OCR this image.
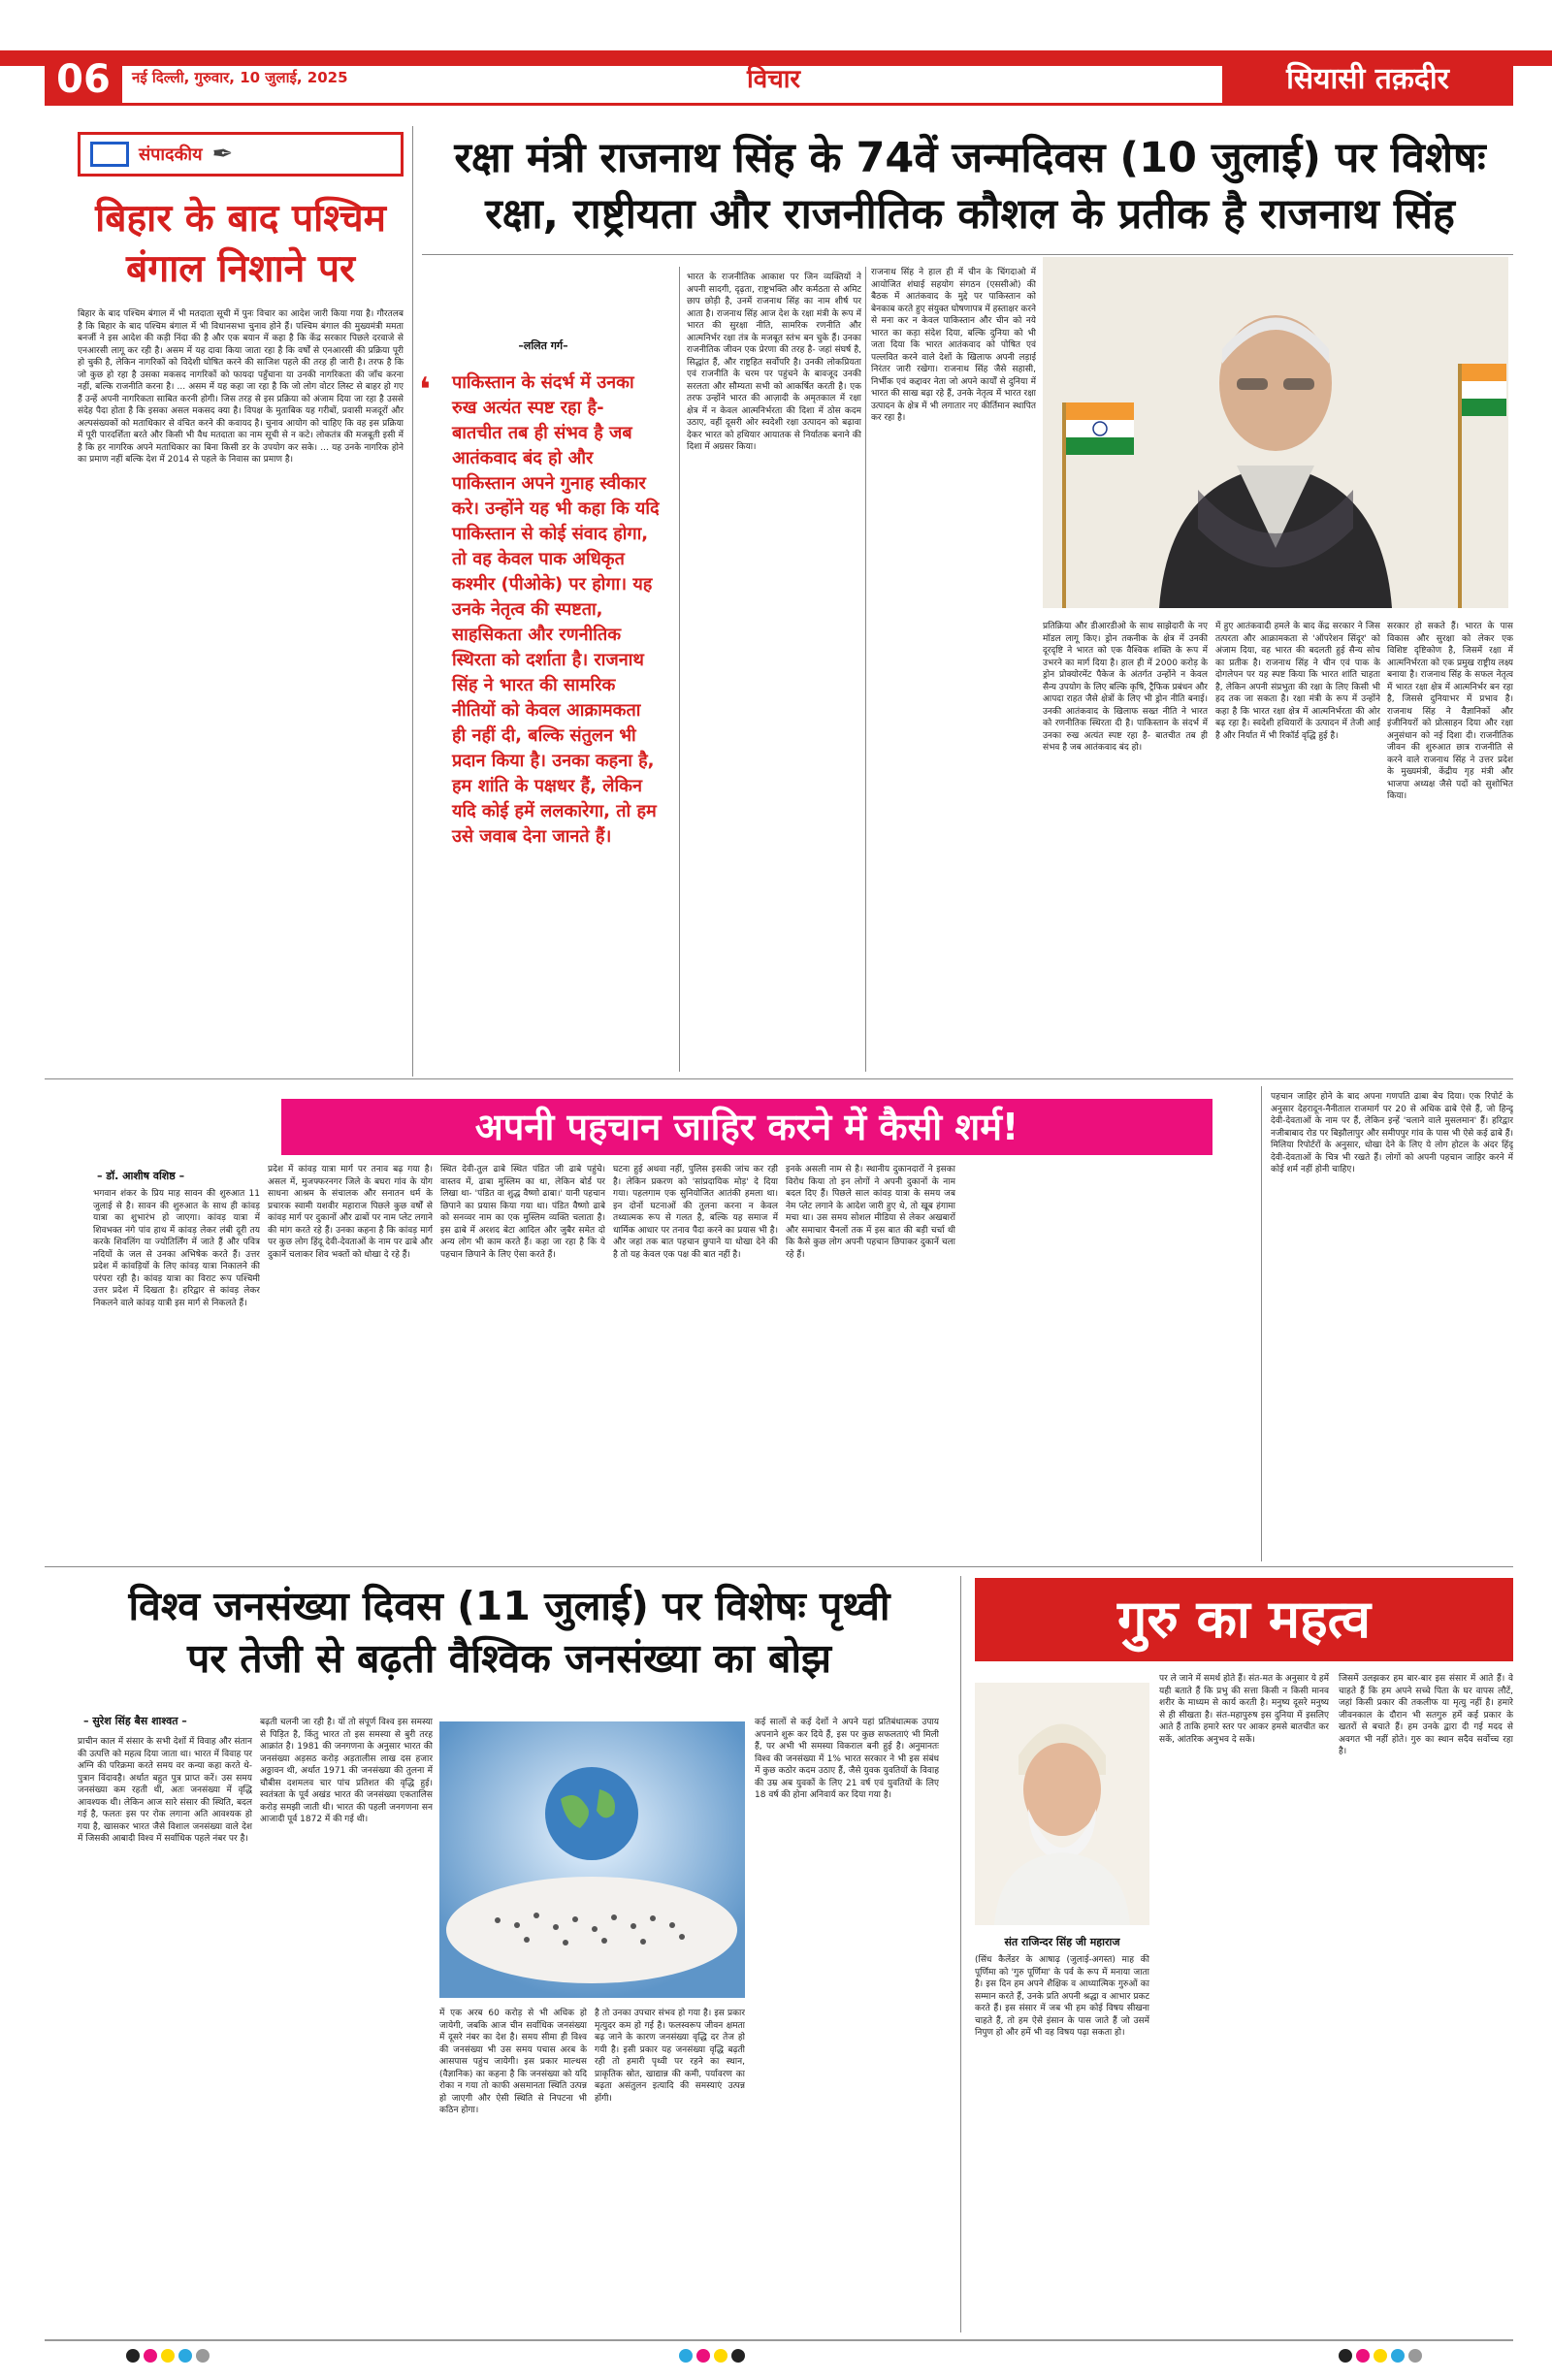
06	नई दिल्ली, गुरुवार, 10 जुलाई, 2025	विचार	सियासी तक़दीर
संपादकीय ✒
बिहार के बाद पश्चिम बंगाल निशाने पर
बिहार के बाद पश्चिम बंगाल में भी मतदाता सूची में पुनः विचार का आदेश जारी किया गया है। गौरतलब है कि बिहार के बाद पश्चिम बंगाल में भी विधानसभा चुनाव होने हैं। पश्चिम बंगाल की मुख्यमंत्री ममता बनर्जी ने इस आदेश की कड़ी निंदा की है और एक बयान में कहा है कि केंद्र सरकार पिछले दरवाजे से एनआरसी लागू कर रही है। असम में यह दावा किया जाता रहा है कि वर्षों से एनआरसी की प्रक्रिया पूरी हो चुकी है, लेकिन नागरिकों को विदेशी घोषित करने की साजिश पहले की तरह ही जारी है। तरफ है कि जो कुछ हो रहा है उसका मकसद नागरिकों को फायदा पहुँचाना या उनकी नागरिकता की जाँच करना नहीं, बल्कि राजनीति करना है। ... असम में यह कहा जा रहा है कि जो लोग वोटर लिस्ट से बाहर हो गए हैं उन्हें अपनी नागरिकता साबित करनी होगी। जिस तरह से इस प्रक्रिया को अंजाम दिया जा रहा है उससे संदेह पैदा होता है कि इसका असल मकसद क्या है। विपक्ष के मुताबिक यह गरीबों, प्रवासी मजदूरों और अल्पसंख्यकों को मताधिकार से वंचित करने की कवायद है। चुनाव आयोग को चाहिए कि वह इस प्रक्रिया में पूरी पारदर्शिता बरते और किसी भी वैध मतदाता का नाम सूची से न कटे। लोकतंत्र की मजबूती इसी में है कि हर नागरिक अपने मताधिकार का बिना किसी डर के उपयोग कर सके। ... यह उनके नागरिक होने का प्रमाण नहीं बल्कि देश में 2014 से पहले के निवास का प्रमाण है।
रक्षा मंत्री राजनाथ सिंह के 74वें जन्मदिवस (10 जुलाई) पर विशेषः
रक्षा, राष्ट्रीयता और राजनीतिक कौशल के प्रतीक है राजनाथ सिंह
–ललित गर्ग–
❛	पाकिस्तान के संदर्भ में उनका रुख अत्यंत स्पष्ट रहा है- बातचीत तब ही संभव है जब आतंकवाद बंद हो और पाकिस्तान अपने गुनाह स्वीकार करे। उन्होंने यह भी कहा कि यदि पाकिस्तान से कोई संवाद होगा, तो वह केवल पाक अधिकृत कश्मीर (पीओके) पर होगा। यह उनके नेतृत्व की स्पष्टता, साहसिकता और रणनीतिक स्थिरता को दर्शाता है। राजनाथ सिंह ने भारत की सामरिक नीतियों को केवल आक्रामकता ही नहीं दी, बल्कि संतुलन भी प्रदान किया है। उनका कहना है, हम शांति के पक्षधर हैं, लेकिन यदि कोई हमें ललकारेगा, तो हम उसे जवाब देना जानते हैं।
भारत के राजनीतिक आकाश पर जिन व्यक्तियों ने अपनी सादगी, दृढ़ता, राष्ट्रभक्ति और कर्मठता से अमिट छाप छोड़ी है, उनमें राजनाथ सिंह का नाम शीर्ष पर आता है। राजनाथ सिंह आज देश के रक्षा मंत्री के रूप में भारत की सुरक्षा नीति, सामरिक रणनीति और आत्मनिर्भर रक्षा तंत्र के मजबूत स्तंभ बन चुके हैं। उनका राजनीतिक जीवन एक प्रेरणा की तरह है- जहां संघर्ष है, सिद्धांत हैं, और राष्ट्रहित सर्वोपरि है। उनकी लोकप्रियता एवं राजनीति के चरम पर पहुंचने के बावजूद उनकी सरलता और सौम्यता सभी को आकर्षित करती है। एक तरफ उन्होंने भारत की आज़ादी के अमृतकाल में रक्षा क्षेत्र में न केवल आत्मनिर्भरता की दिशा में ठोस कदम उठाए, वहीं दूसरी ओर स्वदेशी रक्षा उत्पादन को बढ़ावा देकर भारत को हथियार आयातक से निर्यातक बनाने की दिशा में अग्रसर किया।
राजनाथ सिंह ने हाल ही में चीन के चिंगदाओ में आयोजित शंघाई सहयोग संगठन (एससीओ) की बैठक में आतंकवाद के मुद्दे पर पाकिस्तान को बेनकाब करते हुए संयुक्त घोषणापत्र में हस्ताक्षर करने से मना कर न केवल पाकिस्तान और चीन को नये भारत का कड़ा संदेश दिया, बल्कि दुनिया को भी जता दिया कि भारत आतंकवाद को पोषित एवं पल्लवित करने वाले देशों के खिलाफ अपनी लड़ाई निरंतर जारी रखेगा। राजनाथ सिंह जैसे सहासी, निर्भीक एवं कद्दावर नेता जो अपने कार्यों से दुनिया में भारत की साख बढ़ा रहे हैं, उनके नेतृत्व में भारत रक्षा उत्पादन के क्षेत्र में भी लगातार नए कीर्तिमान स्थापित कर रहा है।
प्रतिक्रिया और डीआरडीओ के साथ साझेदारी के नए मॉडल लागू किए। ड्रोन तकनीक के क्षेत्र में उनकी दूरदृष्टि ने भारत को एक वैश्विक शक्ति के रूप में उभरने का मार्ग दिया है। हाल ही में 2000 करोड़ के ड्रोन प्रोक्योरमेंट पैकेज के अंतर्गत उन्होंने न केवल सैन्य उपयोग के लिए बल्कि कृषि, ट्रैफिक प्रबंधन और आपदा राहत जैसे क्षेत्रों के लिए भी ड्रोन नीति बनाई। उनकी आतंकवाद के खिलाफ सख्त नीति ने भारत को रणनीतिक स्थिरता दी है। पाकिस्तान के संदर्भ में उनका रुख अत्यंत स्पष्ट रहा है- बातचीत तब ही संभव है जब आतंकवाद बंद हो।
में हुए आतंकवादी हमले के बाद केंद्र सरकार ने जिस तत्परता और आक्रामकता से 'ऑपरेशन सिंदूर' को अंजाम दिया, वह भारत की बदलती हुई सैन्य सोच का प्रतीक है। राजनाथ सिंह ने चीन एवं पाक के दोगलेपन पर यह स्पष्ट किया कि भारत शांति चाहता है, लेकिन अपनी संप्रभुता की रक्षा के लिए किसी भी हद तक जा सकता है। रक्षा मंत्री के रूप में उन्होंने कहा है कि भारत रक्षा क्षेत्र में आत्मनिर्भरता की ओर बढ़ रहा है। स्वदेशी हथियारों के उत्पादन में तेजी आई है और निर्यात में भी रिकॉर्ड वृद्धि हुई है।
सरकार हो सकते हैं। भारत के पास विकास और सुरक्षा को लेकर एक विशिष्ट दृष्टिकोण है, जिसमें रक्षा में आत्मनिर्भरता को एक प्रमुख राष्ट्रीय लक्ष्य बनाया है। राजनाथ सिंह के सफल नेतृत्व में भारत रक्षा क्षेत्र में आत्मनिर्भर बन रहा है, जिससे दुनियाभर में प्रभाव है। राजनाथ सिंह ने वैज्ञानिकों और इंजीनियरों को प्रोत्साहन दिया और रक्षा अनुसंधान को नई दिशा दी। राजनीतिक जीवन की शुरुआत छात्र राजनीति से करने वाले राजनाथ सिंह ने उत्तर प्रदेश के मुख्यमंत्री, केंद्रीय गृह मंत्री और भाजपा अध्यक्ष जैसे पदों को सुशोभित किया।
अपनी पहचान जाहिर करने में कैसी शर्म!
– डॉ. आशीष वशिष्ठ –
भगवान शंकर के प्रिय माह सावन की शुरुआत 11 जुलाई से है। सावन की शुरुआत के साथ ही कांवड़ यात्रा का शुभारंभ हो जाएगा। कांवड़ यात्रा में शिवभक्त नंगे पांव हाथ में कांवड़ लेकर लंबी दूरी तय करके शिवलिंग या ज्योतिर्लिंग में जाते हैं और पवित्र नदियों के जल से उनका अभिषेक करते हैं। उत्तर प्रदेश में कांवड़ियों के लिए कांवड़ यात्रा निकालने की परंपरा रही है। कांवड़ यात्रा का विराट रूप पश्चिमी उत्तर प्रदेश में दिखता है। हरिद्वार से कांवड़ लेकर निकलने वाले कांवड़ यात्री इस मार्ग से निकलते हैं।
प्रदेश में कांवड़ यात्रा मार्ग पर तनाव बढ़ गया है। असल में, मुजफ्फरनगर जिले के बघरा गांव के योग साधना आश्रम के संचालक और सनातन धर्म के प्रचारक स्वामी यशवीर महाराज पिछले कुछ वर्षों से कांवड़ मार्ग पर दुकानों और ढाबों पर नाम प्लेट लगाने की मांग करते रहे हैं। उनका कहना है कि कांवड़ मार्ग पर कुछ लोग हिंदू देवी-देवताओं के नाम पर ढाबे और दुकानें चलाकर शिव भक्तों को धोखा दे रहे हैं।
स्थित देवी-तुल ढाबे स्थित पंडित जी ढाबे पहुंचे। वास्तव में, ढाबा मुस्लिम का था, लेकिन बोर्ड पर लिखा था- 'पंडित वा शुद्ध वैष्णो ढाबा।' यानी पहचान छिपाने का प्रयास किया गया था। पंडित वैष्णो ढाबे को सनव्वर नाम का एक मुस्लिम व्यक्ति चलाता है। इस ढाबे में अरशद बेटा आदिल और जुबैर समेत दो अन्य लोग भी काम करते हैं। कहा जा रहा है कि ये पहचान छिपाने के लिए ऐसा करते हैं।
घटना हुई अथवा नहीं, पुलिस इसकी जांच कर रही है। लेकिन प्रकरण को 'सांप्रदायिक मोड़' दे दिया गया। पहलगाम एक सुनियोजित आतंकी हमला था। इन दोनों घटनाओं की तुलना करना न केवल तथ्यात्मक रूप से गलत है, बल्कि यह समाज में धार्मिक आधार पर तनाव पैदा करने का प्रयास भी है। और जहां तक बात पहचान छुपाने या धोखा देने की है तो यह केवल एक पक्ष की बात नहीं है।
इनके असली नाम से है। स्थानीय दुकानदारों ने इसका विरोध किया तो इन लोगों ने अपनी दुकानों के नाम बदल दिए हैं। पिछले साल कांवड़ यात्रा के समय जब नेम प्लेट लगाने के आदेश जारी हुए थे, तो खूब हंगामा मचा था। उस समय सोशल मीडिया से लेकर अखबारों और समाचार चैनलों तक में इस बात की बड़ी चर्चा थी कि कैसे कुछ लोग अपनी पहचान छिपाकर दुकानें चला रहे हैं।
पहचान जाहिर होने के बाद अपना गणपति ढाबा बेच दिया। एक रिपोर्ट के अनुसार देहरादून-नैनीताल राजमार्ग पर 20 से अधिक ढाबे ऐसे हैं, जो हिन्दू देवी-देवताओं के नाम पर हैं, लेकिन इन्हें 'चलाने वाले मुसलमान' हैं। हरिद्वार नजीबाबाद रोड पर बिझौलापुर और समीपपुर गांव के पास भी ऐसे कई ढाबे हैं। मिलिया रिपोर्टरों के अनुसार, धोखा देने के लिए ये लोग होटल के अंदर हिंदू देवी-देवताओं के चित्र भी रखते हैं। लोगों को अपनी पहचान जाहिर करने में कोई शर्म नहीं होनी चाहिए।
विश्व जनसंख्या दिवस (11 जुलाई) पर विशेषः पृथ्वी
पर तेजी से बढ़ती वैश्विक जनसंख्या का बोझ
– सुरेश सिंह बैस शाश्वत –
प्राचीन काल में संसार के सभी देशों में विवाह और संतान की उत्पत्ति को महत्व दिया जाता था। भारत में विवाह पर अग्नि की परिक्रमा करते समय वर कन्या कहा करते थे- पुत्रान विंदावहै। अर्थात बहुत पुत्र प्राप्त करें। उस समय जनसंख्या कम रहती थी, अतः जनसंख्या में वृद्धि आवश्यक थी। लेकिन आज सारे संसार की स्थिति, बदल गई है, फलतः इस पर रोक लगाना अति आवश्यक हो गया है, खासकर भारत जैसे विशाल जनसंख्या वाले देश में जिसकी आबादी विश्व में सर्वाधिक पहले नंबर पर है।
बढ़ती चलनी जा रही है। यों तो संपूर्ण विश्व इस समस्या से पिड़ित है, किंतु भारत तो इस समस्या से बुरी तरह आक्रांत है। 1981 की जनगणना के अनुसार भारत की जनसंख्या अड़सठ करोड़ अड़तालीस लाख दस हजार अठ्ठावन थी, अर्थात 1971 की जनसंख्या की तुलना में चौबीस दशमलव चार पांच प्रतिशत की वृद्धि हुई। स्वतंत्रता के पूर्व अखंड भारत की जनसंख्या एकतालिस करोड़ समझी जाती थी। भारत की पहली जनगणना सन आजादी पूर्व 1872 में की गई थी।
में एक अरब 60 करोड़ से भी अधिक हो जायेगी, जबकि आज चीन सर्वाधिक जनसंख्या में दूसरे नंबर का देश है। समय सीमा ही विश्व की जनसंख्या भी उस समय पचास अरब के आसपास पहुंच जायेगी। इस प्रकार माल्थस (वैज्ञानिक) का कहना है कि जनसंख्या को यदि रोका न गया तो काफी असमानता स्थिति उत्पन्न हो जाएगी और ऐसी स्थिति से निपटना भी कठिन होगा।
है तो उनका उपचार संभव हो गया है। इस प्रकार मृत्युदर कम हो गई है। फलस्वरूप जीवन क्षमता बढ़ जाने के कारण जनसंख्या वृद्धि दर तेज हो गयी है। इसी प्रकार यह जनसंख्या वृद्धि बढ़ती रही तो हमारी पृथ्वी पर रहने का स्थान, प्राकृतिक स्रोत, खाद्यान्न की कमी, पर्यावरण का बढ़ता असंतुलन इत्यादि की समस्याएं उत्पन्न होंगी।
कई सालों से कई देशों ने अपने यहां प्रतिबंधात्मक उपाय अपनाने शुरू कर दिये हैं, इस पर कुछ सफलताएं भी मिली हैं, पर अभी भी समस्या विकराल बनी हुई है। अनुमानतः विश्व की जनसंख्या में 1% भारत सरकार ने भी इस संबंध में कुछ कठोर कदम उठाए हैं, जैसे युवक युवतियों के विवाह की उम्र अब युवकों के लिए 21 वर्ष एवं युवतियों के लिए 18 वर्ष की होना अनिवार्य कर दिया गया है।
गुरु का महत्व
संत राजिन्दर सिंह जी महाराज
(सिंध कैलेंडर के आषाढ़ (जुलाई-अगस्त) माह की पूर्णिमा को 'गुरु पूर्णिमा' के पर्व के रूप में मनाया जाता है। इस दिन हम अपने शैक्षिक व आध्यात्मिक गुरुओं का सम्मान करते हैं, उनके प्रति अपनी श्रद्धा व आभार प्रकट करते हैं। इस संसार में जब भी हम कोई विषय सीखना चाहते हैं, तो हम ऐसे इंसान के पास जाते हैं जो उसमें निपुण हो और हमें भी वह विषय पढ़ा सकता हो।
पर ले जाने में समर्थ होते हैं। संत-मत के अनुसार ये हमें यही बताते हैं कि प्रभु की सत्ता किसी न किसी मानव शरीर के माध्यम से कार्य करती है। मनुष्य दूसरे मनुष्य से ही सीखता है। संत-महापुरुष इस दुनिया में इसलिए आते हैं ताकि हमारे स्तर पर आकर हमसे बातचीत कर सकें, आंतरिक अनुभव दे सकें।
जिसमें उलझकर हम बार-बार इस संसार में आते हैं। वे चाहते हैं कि हम अपने सच्चे पिता के घर वापस लौटें, जहां किसी प्रकार की तकलीफ या मृत्यु नहीं है। हमारे जीवनकाल के दौरान भी सतगुरु हमें कई प्रकार के खतरों से बचाते हैं। हम उनके द्वारा दी गई मदद से अवगत भी नहीं होते। गुरु का स्थान सदैव सर्वोच्च रहा है।
